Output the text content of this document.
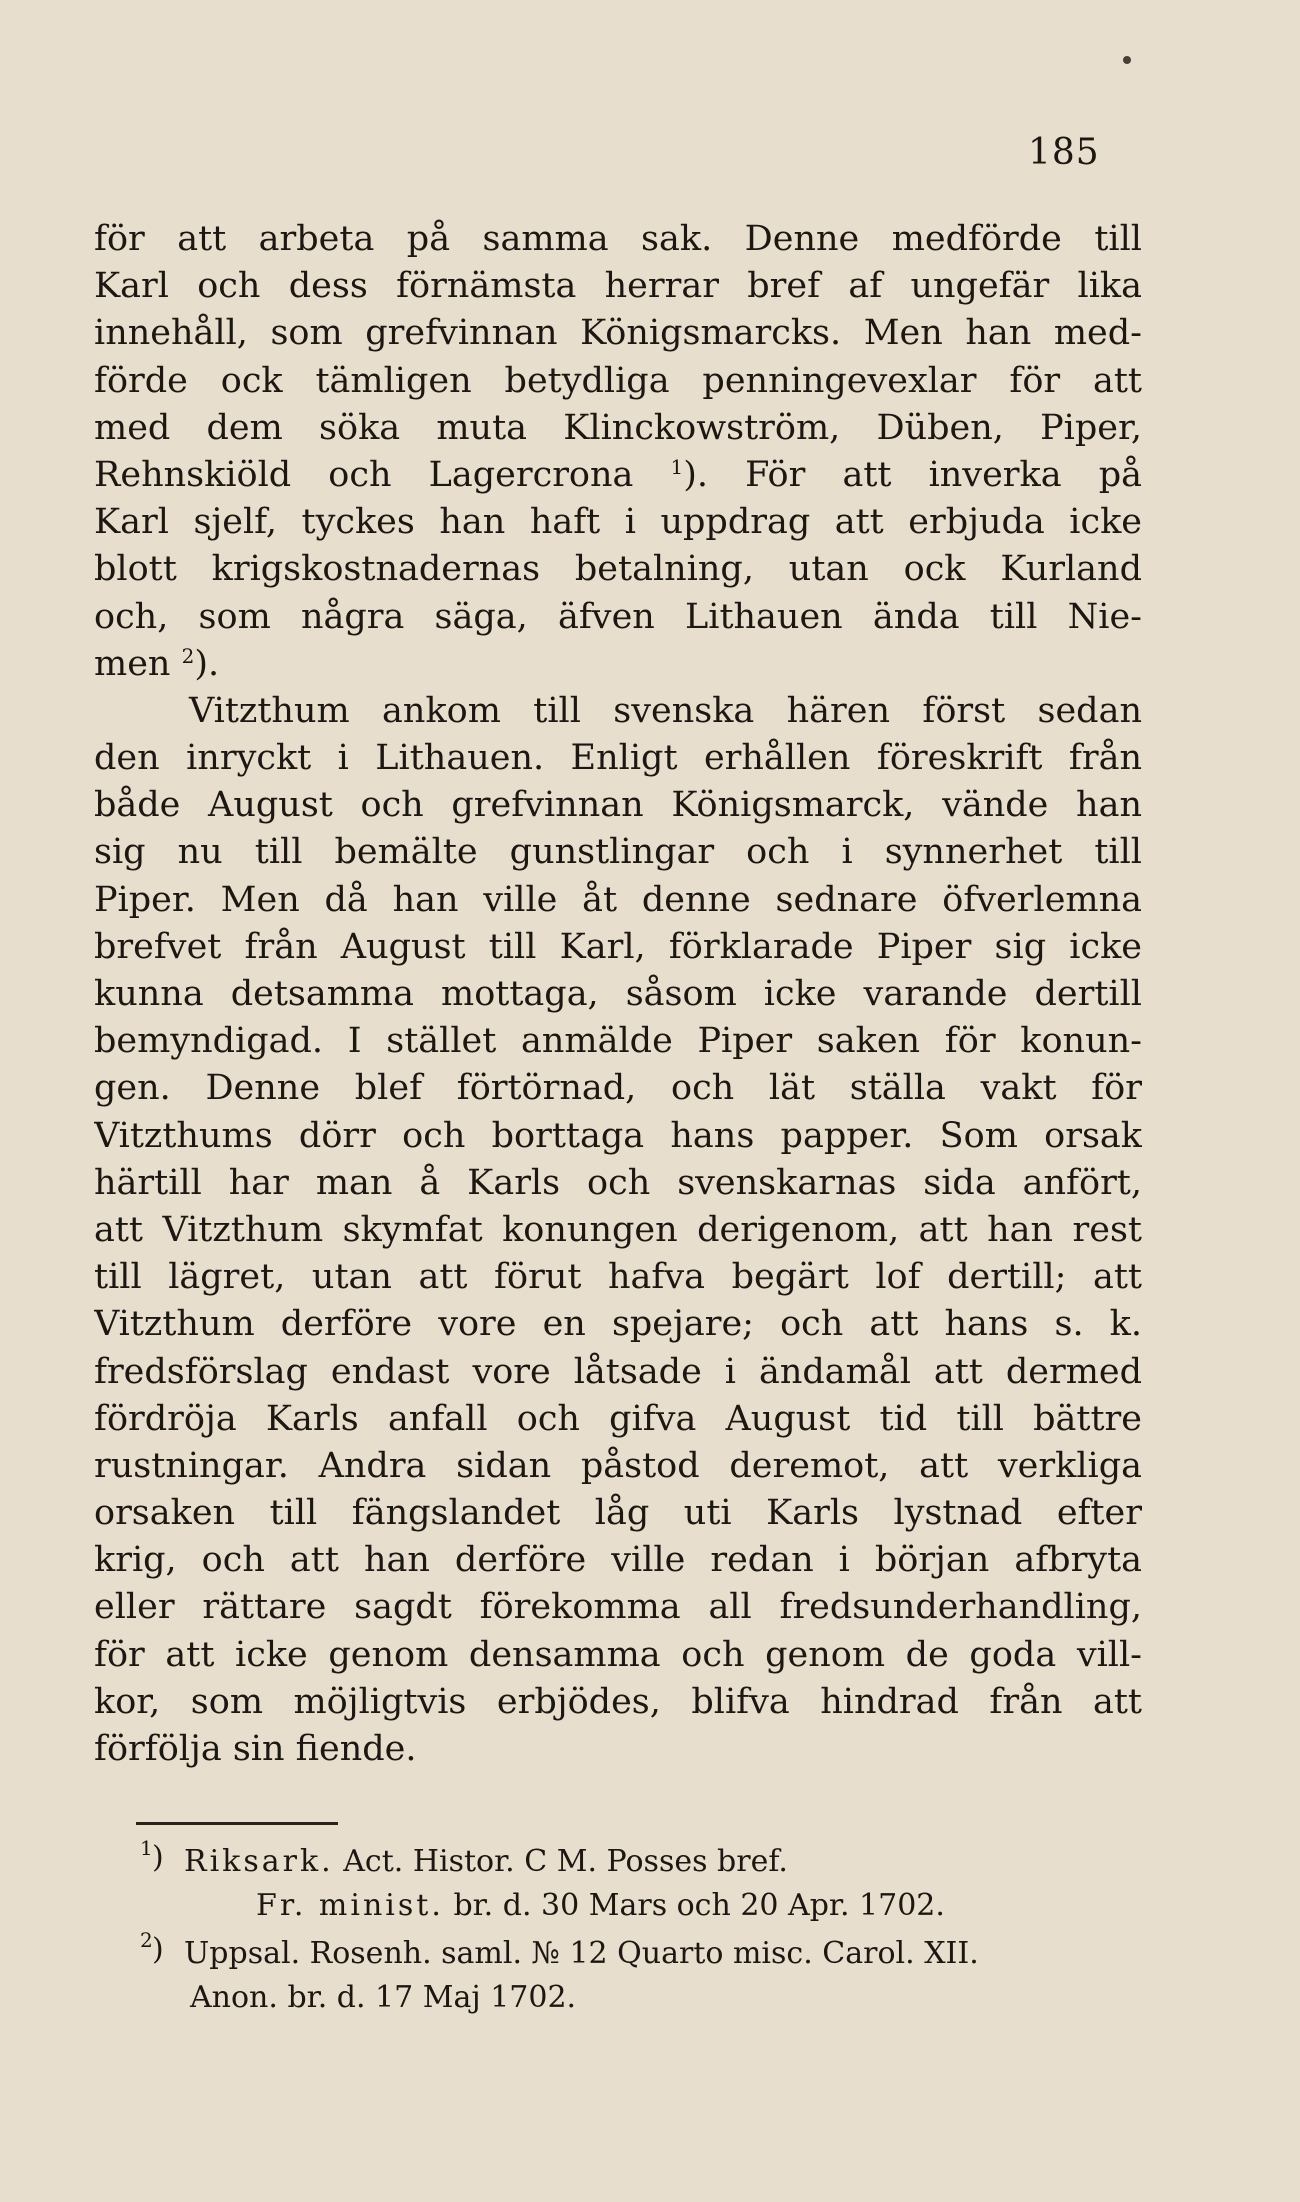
185
för att arbeta på samma sak. Denne medförde till
Karl och dess förnämsta herrar bref af ungefär lika
innehåll, som grefvinnan Königsmarcks. Men han med-
förde ock tämligen betydliga penningevexlar för att
med dem söka muta Klinckowström, Düben, Piper,
Rehnskiöld och Lagercrona $^1$). För att inverka på
Karl sjelf, tyckes han haft i uppdrag att erbjuda icke
blott krigskostnadernas betalning, utan ock Kurland
och, som några säga, äfven Lithauen ända till Nie-
men $^2$).
Vitzthum ankom till svenska hären först sedan
den inryckt i Lithauen. Enligt erhållen föreskrift från
både August och grefvinnan Königsmarck, vände han
sig nu till bemälte gunstlingar och i synnerhet till
Piper. Men då han ville åt denne sednare öfverlemna
brefvet från August till Karl, förklarade Piper sig icke
kunna detsamma mottaga, såsom icke varande dertill
bemyndigad. I stället anmälde Piper saken för konun-
gen. Denne blef förtörnad, och lät ställa vakt för
Vitzthums dörr och borttaga hans papper. Som orsak
härtill har man å Karls och svenskarnas sida anfört,
att Vitzthum skymfat konungen derigenom, att han rest
till lägret, utan att förut hafva begärt lof dertill; att
Vitzthum derföre vore en spejare; och att hans s. k.
fredsförslag endast vore låtsade i ändamål att dermed
fördröja Karls anfall och gifva August tid till bättre
rustningar. Andra sidan påstod deremot, att verkliga
orsaken till fängslandet låg uti Karls lystnad efter
krig, och att han derföre ville redan i början afbryta
eller rättare sagdt förekomma all fredsunderhandling,
för att icke genom densamma och genom de goda vill-
kor, som möjligtvis erbjödes, blifva hindrad från att
förfölja sin fiende.
1 ) Riksark. Act. Histor. C M. Posses bref.
Fr. minist. br. d. 30 Mars och 20 Apr. 1702.
2 ) Uppsal. Rosenh. saml. № 12 Quarto misc. Carol. XII.
Anon. br. d. 17 Maj 1702.
